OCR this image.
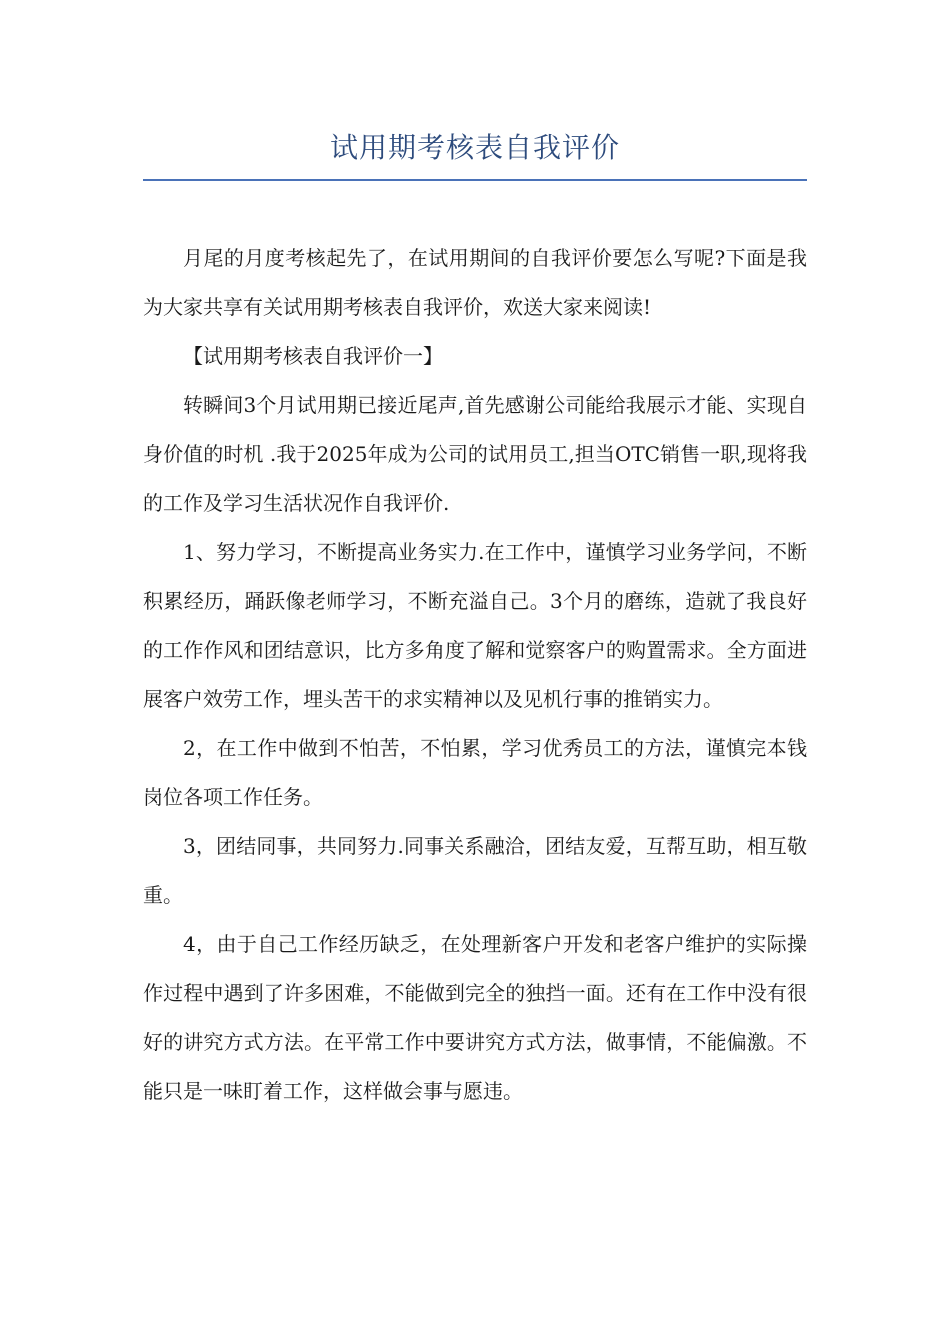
试用期考核表自我评价

月尾的月度考核起先了，在试用期间的自我评价要怎么写呢?下面是我为大家共享有关试用期考核表自我评价，欢送大家来阅读!

【试用期考核表自我评价一】

转瞬间3个月试用期已接近尾声,首先感谢公司能给我展示才能、实现自身价值的时机 .我于2025年成为公司的试用员工,担当OTC销售一职,现将我的工作及学习生活状况作自我评价.

1、努力学习，不断提高业务实力.在工作中，谨慎学习业务学问，不断积累经历，踊跃像老师学习，不断充溢自己。3个月的磨练，造就了我良好的工作作风和团结意识，比方多角度了解和觉察客户的购置需求。全方面进展客户效劳工作，埋头苦干的求实精神以及见机行事的推销实力。

2，在工作中做到不怕苦，不怕累，学习优秀员工的方法，谨慎完本钱岗位各项工作任务。

3，团结同事，共同努力.同事关系融洽，团结友爱，互帮互助，相互敬重。

4，由于自己工作经历缺乏，在处理新客户开发和老客户维护的实际操作过程中遇到了许多困难，不能做到完全的独挡一面。还有在工作中没有很好的讲究方式方法。在平常工作中要讲究方式方法，做事情，不能偏激。不能只是一味盯着工作，这样做会事与愿违。
